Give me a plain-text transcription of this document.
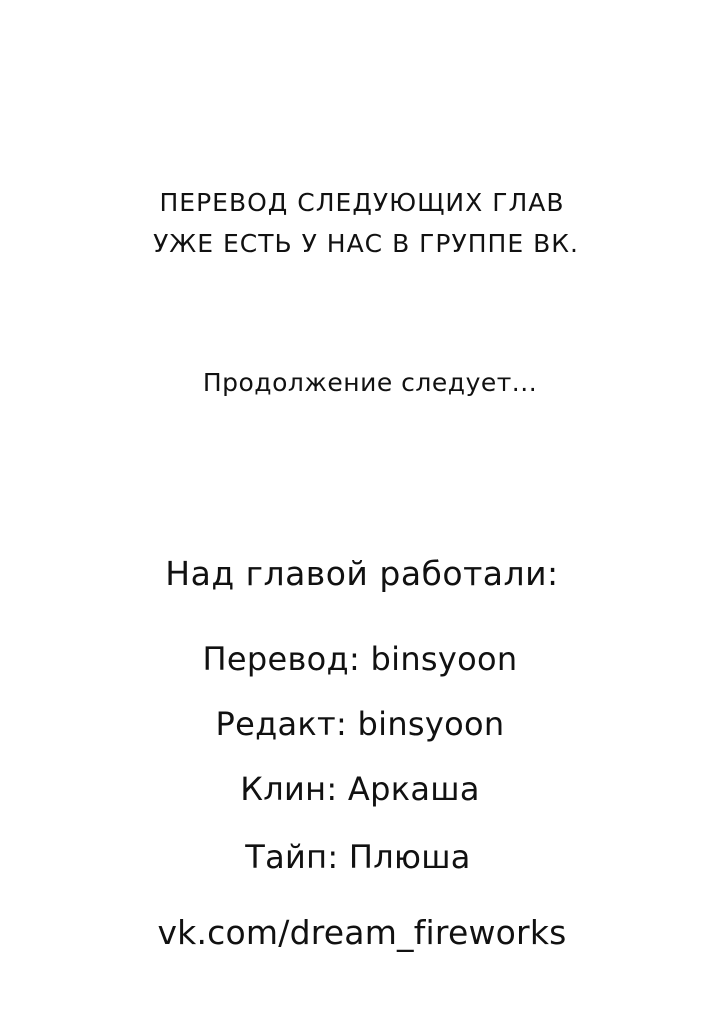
ПЕРЕВОД СЛЕДУЮЩИХ ГЛАВ
УЖЕ ЕСТЬ У НАС В ГРУППЕ ВК.
Продолжение следует...
Над главой работали:
Перевод: binsyoon
Редакт: binsyoon
Клин: Аркаша
Тайп: Плюша
vk.com/dream_fireworks
